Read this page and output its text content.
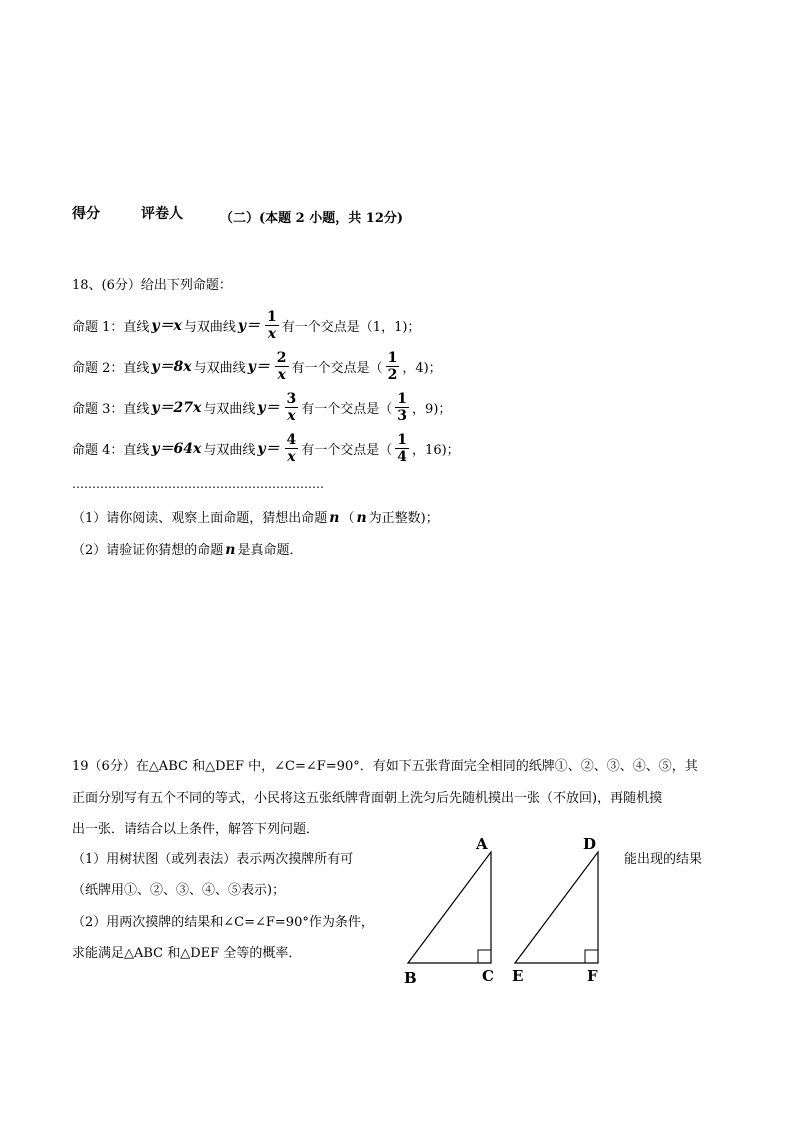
得分	评卷人	（二）(本题 2 小题，共 12分)
18、(6分）给出下列命题：
命题 1：直线 y＝x 与双曲线 $y= \frac{1}{x}$ 有一个交点是（1，1)；
命题 2：直线 y＝8x 与双曲线 $y= \frac{2}{x}$ 有一个交点是（ $\frac{1}{2}$ ，4)；
命题 3：直线 y＝27x 与双曲线 $y= \frac{3}{x}$ 有一个交点是（ $\frac{1}{3}$ ，9)；
命题 4：直线 y＝64x 与双曲线 $y= \frac{4}{x}$ 有一个交点是（ $\frac{1}{4}$ ，16)；
………………………………………………………
（1）请你阅读、观察上面命题，猜想出命题 n （ n 为正整数)；
（2）请验证你猜想的命题 n 是真命题．
19（6分）在△ABC 和△DEF 中，∠C=∠F=90°．有如下五张背面完全相同的纸牌①、②、③、④、⑤，其
正面分别写有五个不同的等式，小民将这五张纸牌背面朝上洗匀后先随机摸出一张（不放回)，再随机摸
出一张．请结合以上条件，解答下列问题．
（1）用树状图（或列表法）表示两次摸牌所有可	能出现的结果
（纸牌用①、②、③、④、⑤表示)；
（2）用两次摸牌的结果和∠C=∠F=90°作为条件，
求能满足△ABC 和△DEF 全等的概率．
A
B	C
D
E	F
